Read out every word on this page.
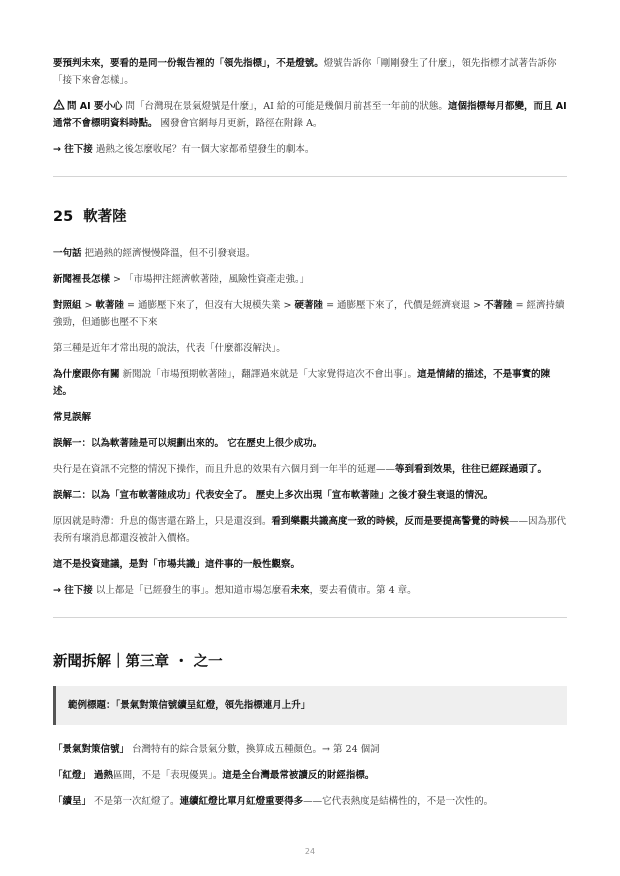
要預判未來，要看的是同一份報告裡的「領先指標」，不是燈號。燈號告訴你「剛剛發生了什麼」，領先指標才試著告訴你「接下來會怎樣」。

問 AI 要小心 問「台灣現在景氣燈號是什麼」，AI 給的可能是幾個月前甚至一年前的狀態。這個指標每月都變，而且 AI 通常不會標明資料時點。 國發會官網每月更新，路徑在附錄 A。

→ 往下接 過熱之後怎麼收尾？有一個大家都希望發生的劇本。

25 軟著陸

一句話 把過熱的經濟慢慢降溫，但不引發衰退。

新聞裡長怎樣 > 「市場押注經濟軟著陸，風險性資產走強。」

對照組 > 軟著陸 = 通膨壓下來了，但沒有大規模失業 > 硬著陸 = 通膨壓下來了，代價是經濟衰退 > 不著陸 = 經濟持續強勁，但通膨也壓不下來

第三種是近年才常出現的說法，代表「什麼都沒解決」。

為什麼跟你有關 新聞說「市場預期軟著陸」，翻譯過來就是「大家覺得這次不會出事」。這是情緒的描述，不是事實的陳述。

常見誤解

誤解一：以為軟著陸是可以規劃出來的。 它在歷史上很少成功。

央行是在資訊不完整的情況下操作，而且升息的效果有六個月到一年半的延遲——等到看到效果，往往已經踩過頭了。

誤解二：以為「宣布軟著陸成功」代表安全了。 歷史上多次出現「宣布軟著陸」之後才發生衰退的情況。

原因就是時滯：升息的傷害還在路上，只是還沒到。看到樂觀共識高度一致的時候，反而是要提高警覺的時候——因為那代表所有壞消息都還沒被計入價格。

這不是投資建議，是對「市場共識」這件事的一般性觀察。

→ 往下接 以上都是「已經發生的事」。想知道市場怎麼看未來，要去看債市。第 4 章。

新聞拆解｜第三章 ・ 之一
範例標題：「景氣對策信號續呈紅燈，領先指標連月上升」

「景氣對策信號」 台灣特有的綜合景氣分數，換算成五種顏色。→ 第 24 個詞

「紅燈」 過熱區間，不是「表現優異」。這是全台灣最常被讀反的財經指標。

「續呈」 不是第一次紅燈了。連續紅燈比單月紅燈重要得多——它代表熱度是結構性的，不是一次性的。

24
